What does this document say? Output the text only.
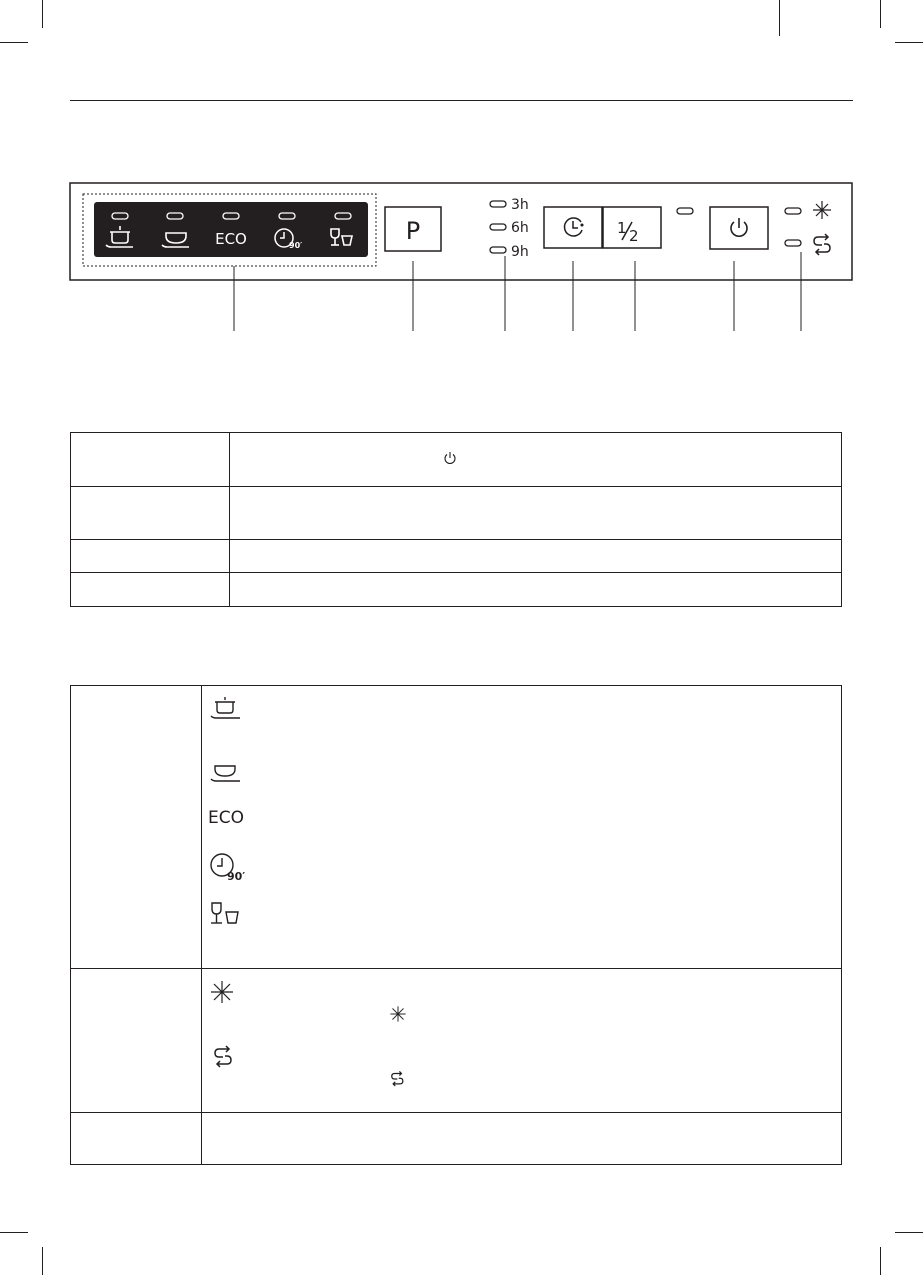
ECO	90′
P
3h
6h
9h
1 2
ECO
90′
